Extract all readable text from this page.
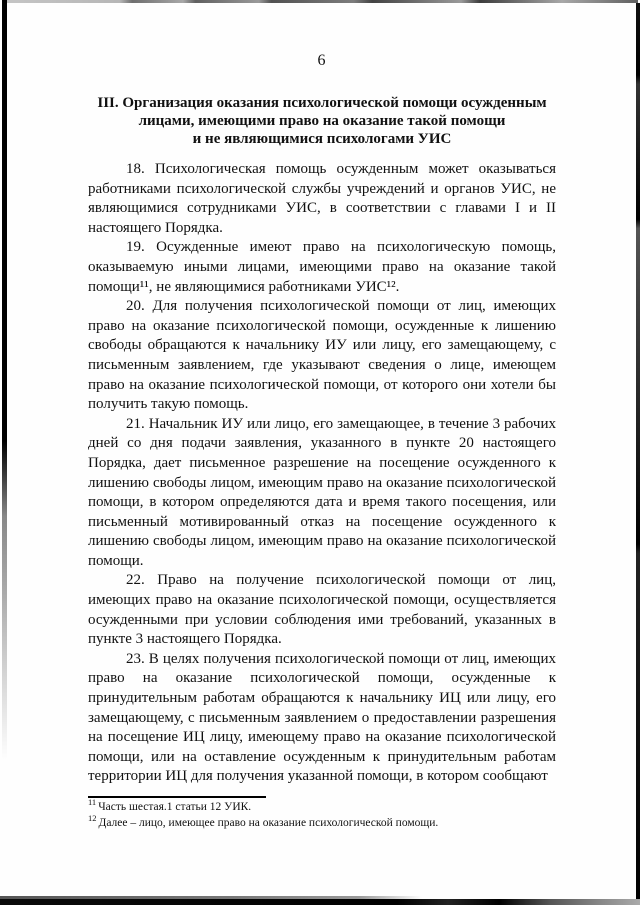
6
III. Организация оказания психологической помощи осужденным
лицами, имеющими право на оказание такой помощи
и не являющимися психологами УИС

18. Психологическая помощь осужденным может оказываться работниками психологической службы учреждений и органов УИС, не являющимися сотрудниками УИС, в соответствии с главами I и II настоящего Порядка.

19. Осужденные имеют право на психологическую помощь, оказываемую иными лицами, имеющими право на оказание такой помощи¹¹, не являющимися работниками УИС¹².

20. Для получения психологической помощи от лиц, имеющих право на оказание психологической помощи, осужденные к лишению свободы обращаются к начальнику ИУ или лицу, его замещающему, с письменным заявлением, где указывают сведения о лице, имеющем право на оказание психологической помощи, от которого они хотели бы получить такую помощь.

21. Начальник ИУ или лицо, его замещающее, в течение 3 рабочих дней со дня подачи заявления, указанного в пункте 20 настоящего Порядка, дает письменное разрешение на посещение осужденного к лишению свободы лицом, имеющим право на оказание психологической помощи, в котором определяются дата и время такого посещения, или письменный мотивированный отказ на посещение осужденного к лишению свободы лицом, имеющим право на оказание психологической помощи.

22. Право на получение психологической помощи от лиц, имеющих право на оказание психологической помощи, осуществляется осужденными при условии соблюдения ими требований, указанных в пункте 3 настоящего Порядка.

23. В целях получения психологической помощи от лиц, имеющих право на оказание психологической помощи, осужденные к принудительным работам обращаются к начальнику ИЦ или лицу, его замещающему, с письменным заявлением о предоставлении разрешения на посещение ИЦ лицу, имеющему право на оказание психологической помощи, или на оставление осужденным к принудительным работам территории ИЦ для получения указанной помощи, в котором сообщают

$^{11}$ Часть шестая.1 статьи 12 УИК.
$^{12}$ Далее – лицо, имеющее право на оказание психологической помощи.
